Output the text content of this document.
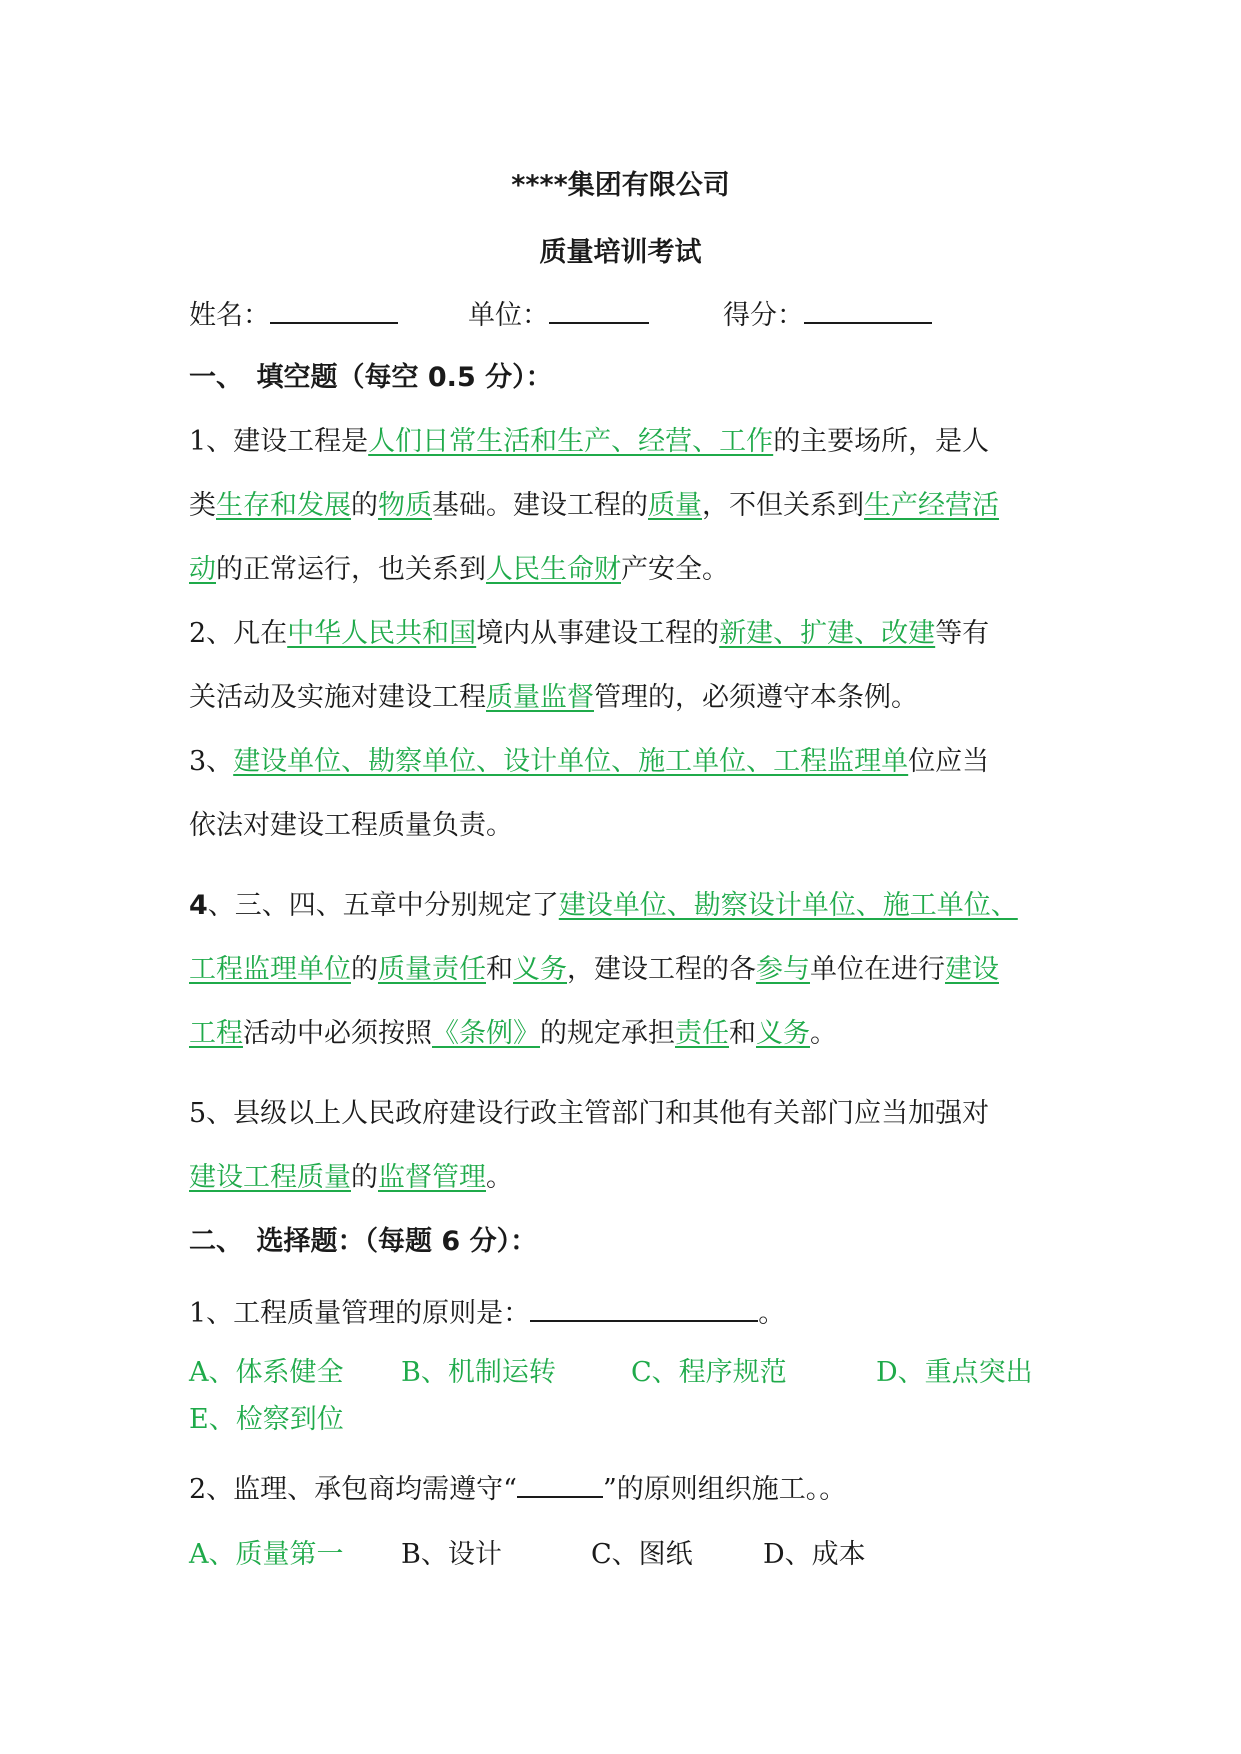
****集团有限公司
质量培训考试
姓名：	单位：	得分：
一、　填空题（每空 0.5 分）：
1、建设工程是人们日常生活和生产、经营、工作的主要场所，是人
类生存和发展的物质基础。建设工程的质量，不但关系到生产经营活
动的正常运行，也关系到人民生命财产安全。
2、凡在中华人民共和国境内从事建设工程的新建、扩建、改建等有
关活动及实施对建设工程质量监督管理的，必须遵守本条例。
3、建设单位、勘察单位、设计单位、施工单位、工程监理单位应当
依法对建设工程质量负责。
4、三、四、五章中分别规定了建设单位、勘察设计单位、施工单位、
工程监理单位的质量责任和义务，建设工程的各参与单位在进行建设
工程活动中必须按照《条例》的规定承担责任和义务。
5、县级以上人民政府建设行政主管部门和其他有关部门应当加强对
建设工程质量的监督管理。
二、　选择题：（每题 6 分）：
1、工程质量管理的原则是：	。
A、体系健全 B、机制运转	C、程序规范	D、重点突出
E、检察到位
2、监理、承包商均需遵守“	”的原则组织施工。。
A、质量第一 B、设计	C、图纸	D、成本
